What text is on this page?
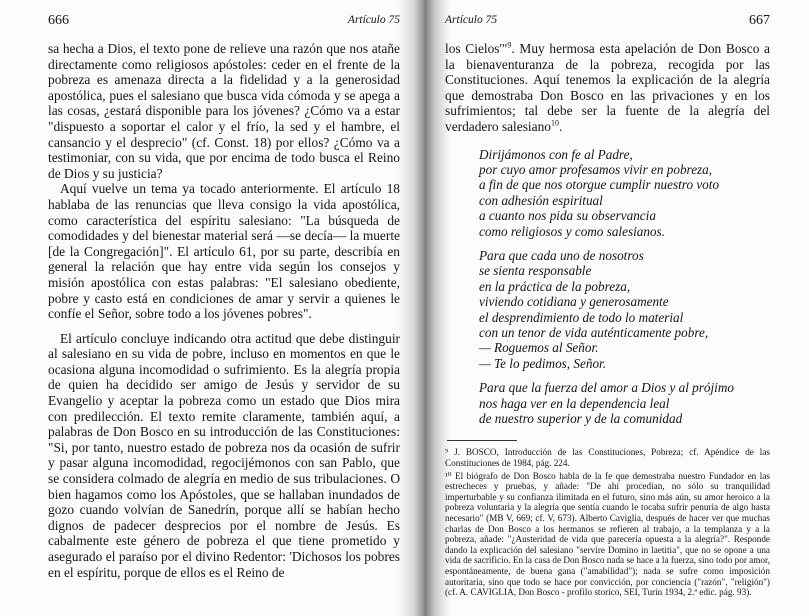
666	Artículo 75

sa hecha a Dios, el texto pone de relieve una razón que nos atañe directamente como religiosos apóstoles: ceder en el frente de la pobreza es amenaza directa a la fidelidad y a la generosidad apostólica, pues el salesiano que busca vida cómoda y se apega a las cosas, ¿estará disponible para los jóvenes? ¿Cómo va a estar "dispuesto a soportar el calor y el frío, la sed y el hambre, el cansancio y el desprecio" (cf. Const. 18) por ellos? ¿Cómo va a testimoniar, con su vida, que por encima de todo busca el Reino de Dios y su justicia?

Aquí vuelve un tema ya tocado anteriormente. El artículo 18 hablaba de las renuncias que lleva consigo la vida apostólica, como característica del espíritu salesiano: "La búsqueda de comodidades y del bienestar material será —se decía— la muerte [de la Congregación]". El artículo 61, por su parte, describía en general la relación que hay entre vida según los consejos y misión apostólica con estas palabras: "El salesiano obediente, pobre y casto está en condiciones de amar y servir a quienes le confíe el Señor, sobre todo a los jóvenes pobres".

El artículo concluye indicando otra actitud que debe distinguir al salesiano en su vida de pobre, incluso en momentos en que le ocasiona alguna incomodidad o sufrimiento. Es la alegría propia de quien ha decidido ser amigo de Jesús y servidor de su Evangelio y aceptar la pobreza como un estado que Dios mira con predilección. El texto remite claramente, también aquí, a palabras de Don Bosco en su introducción de las Constituciones: "Si, por tanto, nuestro estado de pobreza nos da ocasión de sufrir y pasar alguna incomodidad, regocijémonos con san Pablo, que se considera colmado de alegría en medio de sus tribulaciones. O bien hagamos como los Apóstoles, que se hallaban inundados de gozo cuando volvían de Sanedrín, porque allí se habían hecho dignos de padecer desprecios por el nombre de Jesús. Es cabalmente este género de pobreza el que tiene prometido y asegurado el paraíso por el divino Redentor: 'Dichosos los pobres en el espíritu, porque de ellos es el Reino de

Artículo 75	667

los Cielos'"$^9$. Muy hermosa esta apelación de Don Bosco a la bienaventuranza de la pobreza, recogida por las Constituciones. Aquí tenemos la explicación de la alegría que demostraba Don Bosco en las privaciones y en los sufrimientos; tal debe ser la fuente de la alegría del verdadero salesiano$^{10}$.

Dirijámonos con fe al Padre,
por cuyo amor profesamos vivir en pobreza,
a fin de que nos otorgue cumplir nuestro voto
con adhesión espiritual
a cuanto nos pida su observancia
como religiosos y como salesianos.
Para que cada uno de nosotros
se sienta responsable
en la práctica de la pobreza,
viviendo cotidiana y generosamente
el desprendimiento de todo lo material
con un tenor de vida auténticamente pobre,
— Roguemos al Señor.
— Te lo pedimos, Señor.
Para que la fuerza del amor a Dios y al prójimo
nos haga ver en la dependencia leal
de nuestro superior y de la comunidad

⁹ J. BOSCO, Introducción de las Constituciones, Pobreza; cf. Apéndice de las Constituciones de 1984, pág. 224.

¹⁰ El biógrafo de Don Bosco habla de la fe que demostraba nuestro Fundador en las estrecheces y pruebas, y añade: "De ahí procedían, no sólo su tranquilidad imperturbable y su confianza ilimitada en el futuro, sino más aún, su amor heroico a la pobreza voluntaria y la alegría que sentía cuando le tocaba sufrir penuria de algo hasta necesario" (MB V, 669; cf. V, 673). Alberto Caviglia, después de hacer ver que muchas charlas de Don Bosco a los hermanos se refieren al trabajo, a la templanza y a la pobreza, añade: "¿Austeridad de vida que parecería opuesta a la alegría?". Responde dando la explicación del salesiano "servire Domino in laetitia", que no se opone a una vida de sacrificio. En la casa de Don Bosco nada se hace a la fuerza, sino todo por amor, espontáneamente, de buena gana ("amabilidad"); nada se sufre como imposición autoritaria, sino que todo se hace por convicción, por conciencia ("razón", "religión") (cf. A. CAVIGLIA, Don Bosco - profilo storico, SEI, Turín 1934, 2.ª edic. pág. 93).
